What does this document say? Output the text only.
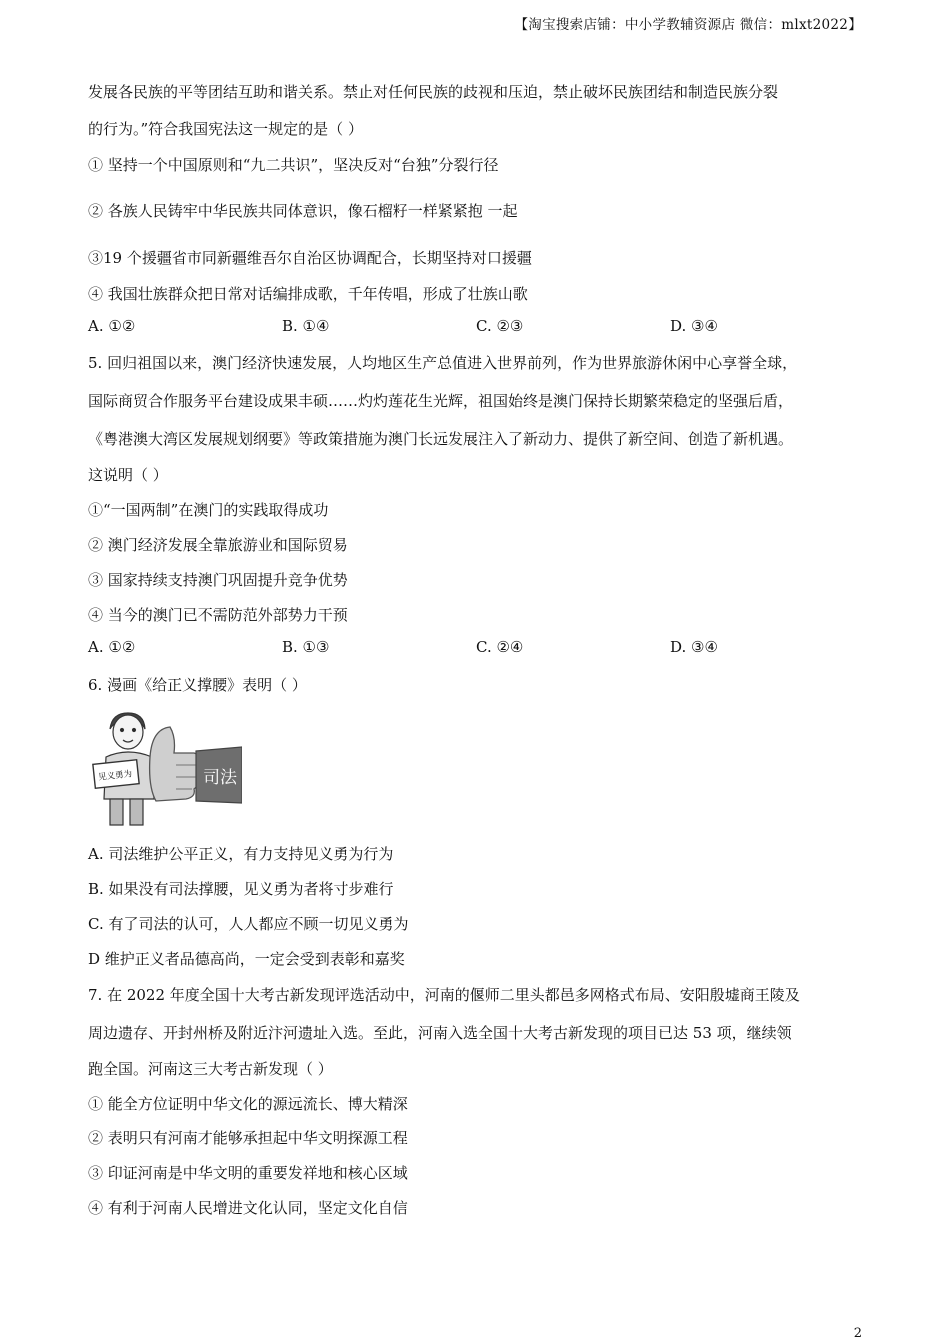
【淘宝搜索店铺：中小学教辅资源店 微信：mlxt2022】
发展各民族的平等团结互助和谐关系。禁止对任何民族的歧视和压迫，禁止破坏民族团结和制造民族分裂
的行为。”符合我国宪法这一规定的是（ ）
① 坚持一个中国原则和“九二共识”，坚决反对“台独”分裂行径
② 各族人民铸牢中华民族共同体意识，像石榴籽一样紧紧抱 一起
③19 个援疆省市同新疆维吾尔自治区协调配合，长期坚持对口援疆
④ 我国壮族群众把日常对话编排成歌，千年传唱，形成了壮族山歌
A. ①②	B. ①④	C. ②③	D. ③④
5. 回归祖国以来，澳门经济快速发展，人均地区生产总值进入世界前列，作为世界旅游休闲中心享誉全球，
国际商贸合作服务平台建设成果丰硕……灼灼莲花生光辉，祖国始终是澳门保持长期繁荣稳定的坚强后盾，
《粤港澳大湾区发展规划纲要》等政策措施为澳门长远发展注入了新动力、提供了新空间、创造了新机遇。
这说明（ ）
①“一国两制”在澳门的实践取得成功
② 澳门经济发展全靠旅游业和国际贸易
③ 国家持续支持澳门巩固提升竞争优势
④ 当今的澳门已不需防范外部势力干预
A. ①②	B. ①③	C. ②④	D. ③④
6. 漫画《给正义撑腰》表明（ ）
见义勇为	司法
A. 司法维护公平正义，有力支持见义勇为行为
B. 如果没有司法撑腰，见义勇为者将寸步难行
C. 有了司法的认可，人人都应不顾一切见义勇为
D 维护正义者品德高尚，一定会受到表彰和嘉奖
7. 在 2022 年度全国十大考古新发现评选活动中，河南的偃师二里头都邑多网格式布局、安阳殷墟商王陵及
周边遗存、开封州桥及附近汴河遗址入选。至此，河南入选全国十大考古新发现的项目已达 53 项，继续领
跑全国。河南这三大考古新发现（ ）
① 能全方位证明中华文化的源远流长、博大精深
② 表明只有河南才能够承担起中华文明探源工程
③ 印证河南是中华文明的重要发祥地和核心区域
④ 有利于河南人民增进文化认同，坚定文化自信
2
